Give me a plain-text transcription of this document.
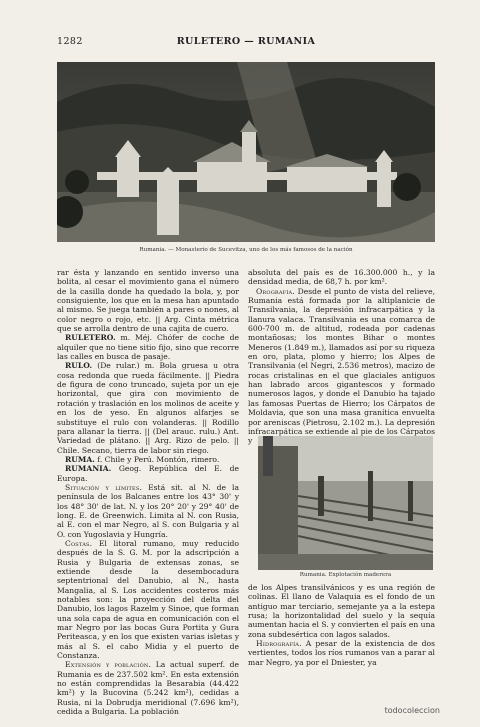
1282	RULETERO — RUMANIA
Rumania. — Monasterio de Sucevitza, uno de los más famosos de la nación

rar ésta y lanzando en sentido inverso una bolita, al cesar el movimiento gana el número de la casilla donde ha quedado la bola, y, por consiguiente, los que en la mesa han apuntado al mismo. Se juega también a pares o nones, al color negro o rojo, etc. || Arg. Cinta métrica que se arrolla dentro de una cajita de cuero.

RULETERO. m. Méj. Chófer de coche de alquiler que no tiene sitio fijo, sino que recorre las calles en busca de pasaje.

RULO. (De rular.) m. Bola gruesa u otra cosa redonda que rueda fácilmente. || Piedra de figura de cono truncado, sujeta por un eje horizontal, que gira con movimiento de rotación y traslación en los molinos de aceite y en los de yeso. En algunos alfarjes se substituye el rulo con volanderas. || Rodillo para allanar la tierra. || (Del arauc. rulu.) Ant. Variedad de plátano. || Arg. Rizo de pelo. || Chile. Secano, tierra de labor sin riego.

RUMA. f. Chile y Perú. Montón, rimero.

RUMANIA. Geog. República del E. de Europa.

Situación y límites. Está sit. al N. de la península de los Balcanes entre los 43° 30' y los 48° 30' de lat. N. y los 20° 20' y 29° 40' de long. E. de Greenwich. Limita al N. con Rusia, al E. con el mar Negro, al S. con Bulgaria y al O. con Yugoslavia y Hungría.

Costas. El litoral rumano, muy reducido después de la S. G. M. por la adscripción a Rusia y Bulgaria de extensas zonas, se extiende desde la desembocadura septentrional del Danubio, al N., hasta Mangalia, al S. Los accidentes costeros más notables son: la proyección del delta del Danubio, los lagos Razelm y Sinoe, que forman una sola capa de agua en comunicación con el mar Negro por las bocas Gura Portita y Gura Periteasca, y en los que existen varias isletas y más al S. el cabo Midia y el puerto de Constanza.

Extensión y población. La actual superf. de Rumania es de 237.502 km². En esta extensión no están comprendidas la Besarabia (44.422 km²) y la Bucovina (5.242 km²), cedidas a Rusia, ni la Dobrudja meridional (7.696 km²), cedida a Bulgaria. La población

absoluta del país es de 16.300.000 h., y la densidad media, de 68,7 h. por km².

Orografía. Desde el punto de vista del relieve, Rumania está formada por la altiplanicie de Transilvania, la depresión infracarpática y la llanura valaca. Transilvania es una comarca de 600-700 m. de altitud, rodeada por cadenas montañosas; los montes Bihar o montes Meneros (1.849 m.), llamados así por su riqueza en oro, plata, plomo y hierro; los Alpes de Transilvania (el Negri, 2.536 metros), macizo de rocas cristalinas en el que glaciales antiguos han labrado arcos gigantescos y formado numerosos lagos, y donde el Danubio ha tajado las famosas Puertas de Hierro; los Cárpatos de Moldavia, que son una masa granítica envuelta por areniscas (Pietrosu, 2.102 m.). La depresión infracarpática se extiende al pie de los Cárpatos y

Rumania. Explotación maderera

de los Alpes transilvánicos y es una región de colinas. El llano de Valaquia es el fondo de un antiguo mar terciario, semejante ya a la estepa rusa; la horizontalidad del suelo y la sequía aumentan hacia el S. y convierten el país en una zona subdesértica con lagos salados.

Hidrografía. A pesar de la existencia de dos vertientes, todos los ríos rumanos van a parar al mar Negro, ya por el Dniester, ya

todocoleccion
